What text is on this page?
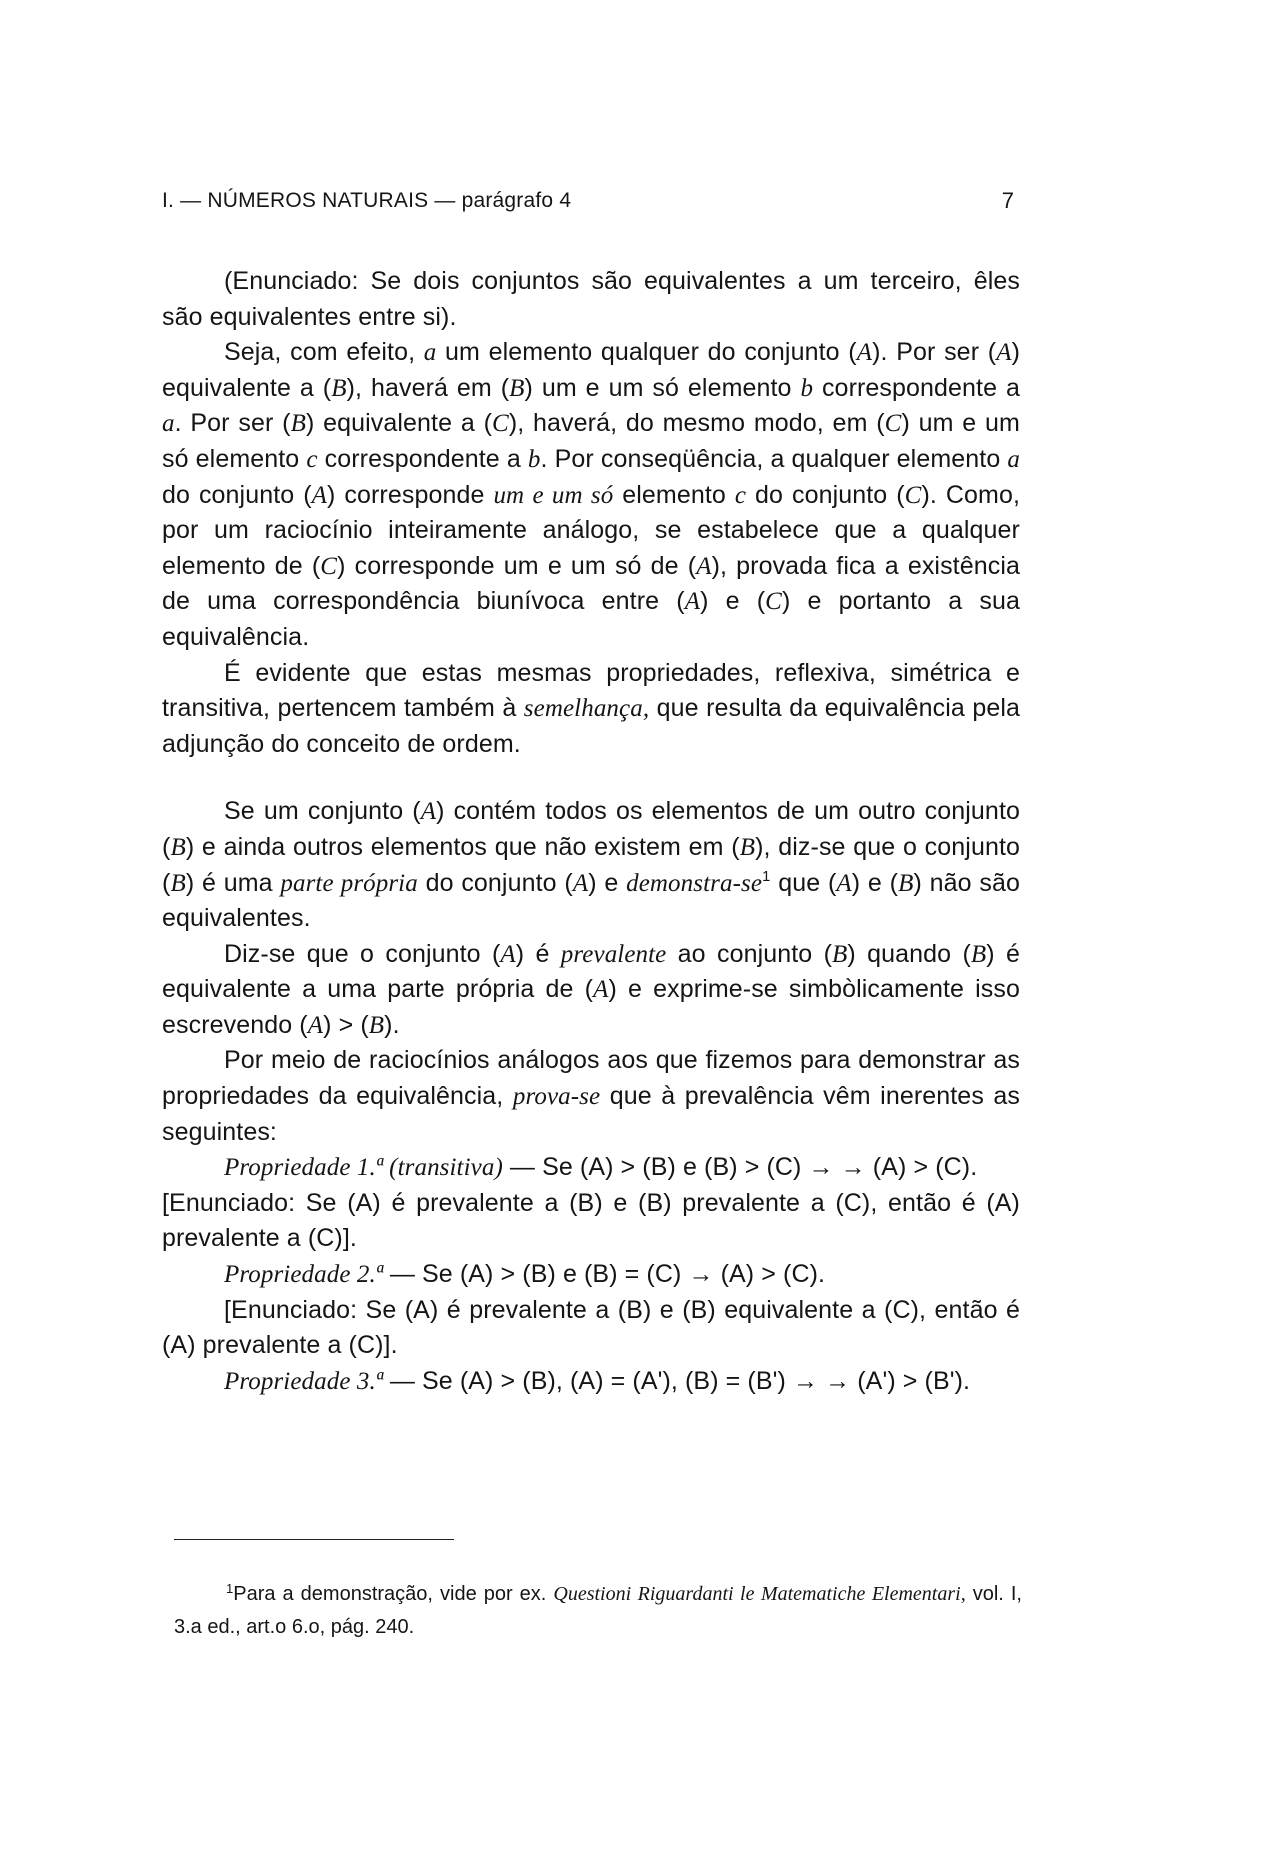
I. — NÚMEROS NATURAIS — parágrafo 4	7

(Enunciado: Se dois conjuntos são equivalentes a um terceiro, êles são equivalentes entre si).

Seja, com efeito, a um elemento qualquer do conjunto (A). Por ser (A) equivalente a (B), haverá em (B) um e um só elemento b correspondente a a. Por ser (B) equivalente a (C), haverá, do mesmo modo, em (C) um e um só elemento c correspondente a b. Por conseqüência, a qualquer elemento a do conjunto (A) corresponde um e um só elemento c do conjunto (C). Como, por um raciocínio inteiramente análogo, se estabelece que a qualquer elemento de (C) corresponde um e um só de (A), provada fica a existência de uma correspondência biunívoca entre (A) e (C) e portanto a sua equivalência.

É evidente que estas mesmas propriedades, reflexiva, simétrica e transitiva, pertencem também à semelhança, que resulta da equivalência pela adjunção do conceito de ordem.

Se um conjunto (A) contém todos os elementos de um outro conjunto (B) e ainda outros elementos que não existem em (B), diz-se que o conjunto (B) é uma parte própria do conjunto (A) e demonstra-$se^1$ que (A) e (B) não são equivalentes.

Diz-se que o conjunto (A) é prevalente ao conjunto (B) quando (B) é equivalente a uma parte própria de (A) e exprime-se simbòlicamente isso escrevendo (A) > (B).

Por meio de raciocínios análogos aos que fizemos para demonstrar as propriedades da equivalência, prova-se que à prevalência vêm inerentes as seguintes:

Propriedade 1.ª (transitiva) — Se (A) > (B) e (B) > (C) → → (A) > (C).

[Enunciado: Se (A) é prevalente a (B) e (B) prevalente a (C), então é (A) prevalente a (C)].

Propriedade 2.ª — Se (A) > (B) e (B) = (C) → (A) > (C).

[Enunciado: Se (A) é prevalente a (B) e (B) equivalente a (C), então é (A) prevalente a (C)].

Propriedade 3.ª — Se (A) > (B), (A) = (A'), (B) = (B') → → (A') > (B').

$^1$Para a demonstração, vide por ex. Questioni Riguardanti le Matematiche Elementari, vol. I, 3.a ed., art.o 6.o, pág. 240.
